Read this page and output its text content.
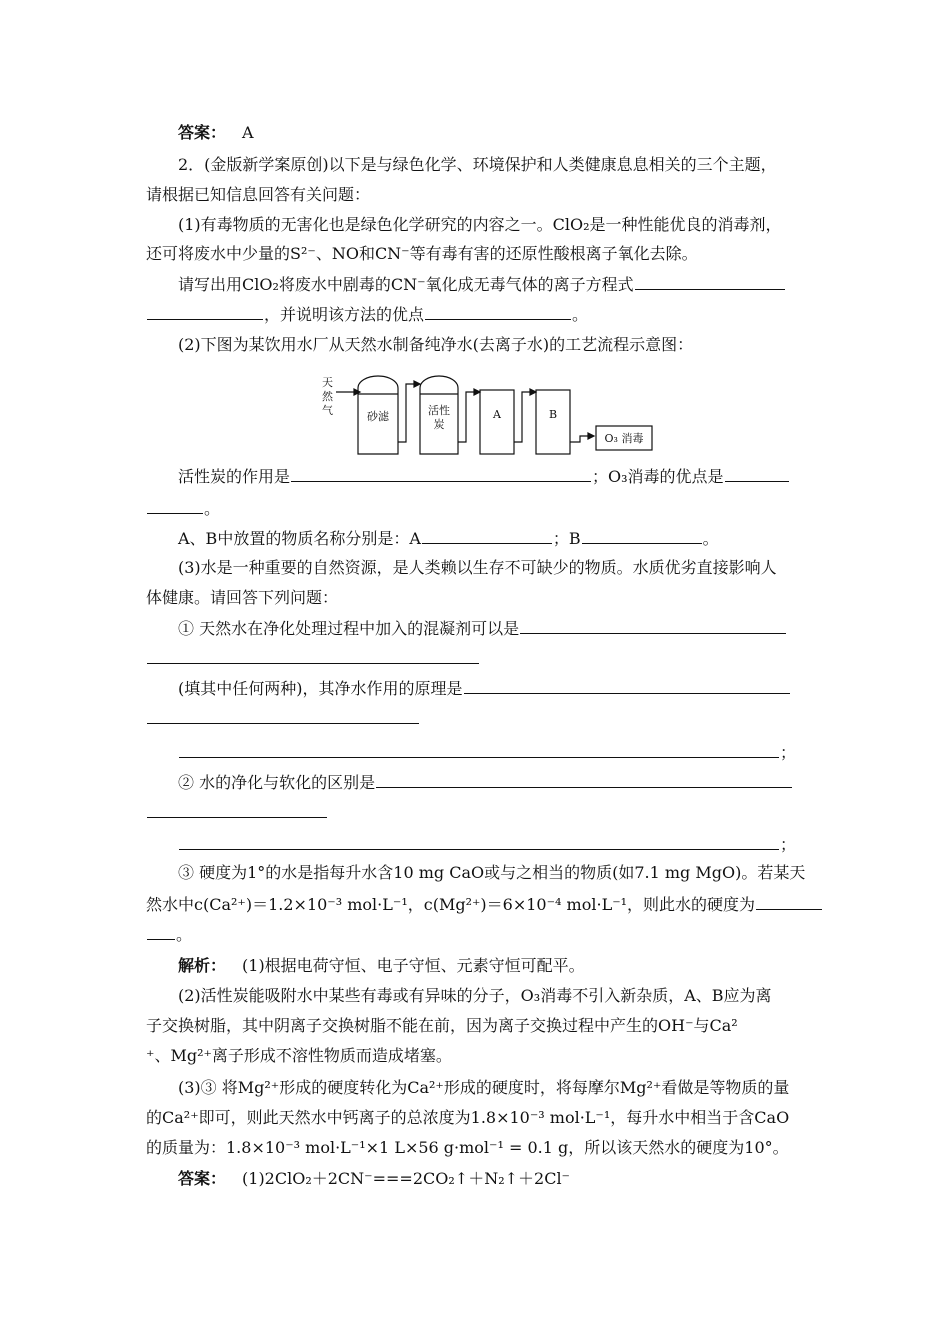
答案： A
2．(金版新学案原创)以下是与绿色化学、环境保护和人类健康息息相关的三个主题，
请根据已知信息回答有关问题：
(1)有毒物质的无害化也是绿色化学研究的内容之一。ClO₂是一种性能优良的消毒剂，
还可将废水中少量的S²⁻、NO和CN⁻等有毒有害的还原性酸根离子氧化去除。
请写出用ClO₂将废水中剧毒的CN⁻氧化成无毒气体的离子方程式
，并说明该方法的优点	。
(2)下图为某饮用水厂从天然水制备纯净水(去离子水)的工艺流程示意图：
天
然
气	砂滤	活性
炭
A	B
O₃ 消毒
活性炭的作用是	；O₃消毒的优点是
。
A、B中放置的物质名称分别是：A	；B	。
(3)水是一种重要的自然资源，是人类赖以生存不可缺少的物质。水质优劣直接影响人
体健康。请回答下列问题：
① 天然水在净化处理过程中加入的混凝剂可以是
(填其中任何两种)，其净水作用的原理是
；
② 水的净化与软化的区别是
；
③ 硬度为1°的水是指每升水含10 mg CaO或与之相当的物质(如7.1 mg MgO)。若某天
然水中c(Ca²⁺)＝1.2×10⁻³ mol·L⁻¹，c(Mg²⁺)＝6×10⁻⁴ mol·L⁻¹，则此水的硬度为
。
解析： (1)根据电荷守恒、电子守恒、元素守恒可配平。
(2)活性炭能吸附水中某些有毒或有异味的分子，O₃消毒不引入新杂质，A、B应为离
子交换树脂，其中阴离子交换树脂不能在前，因为离子交换过程中产生的OH⁻与Ca²
⁺、Mg²⁺离子形成不溶性物质而造成堵塞。
(3)③ 将Mg²⁺形成的硬度转化为Ca²⁺形成的硬度时，将每摩尔Mg²⁺看做是等物质的量
的Ca²⁺即可，则此天然水中钙离子的总浓度为1.8×10⁻³ mol·L⁻¹，每升水中相当于含CaO
的质量为：1.8×10⁻³ mol·L⁻¹×1 L×56 g·mol⁻¹ = 0.1 g，所以该天然水的硬度为10°。
答案： (1)2ClO₂＋2CN⁻===2CO₂↑＋N₂↑＋2Cl⁻
